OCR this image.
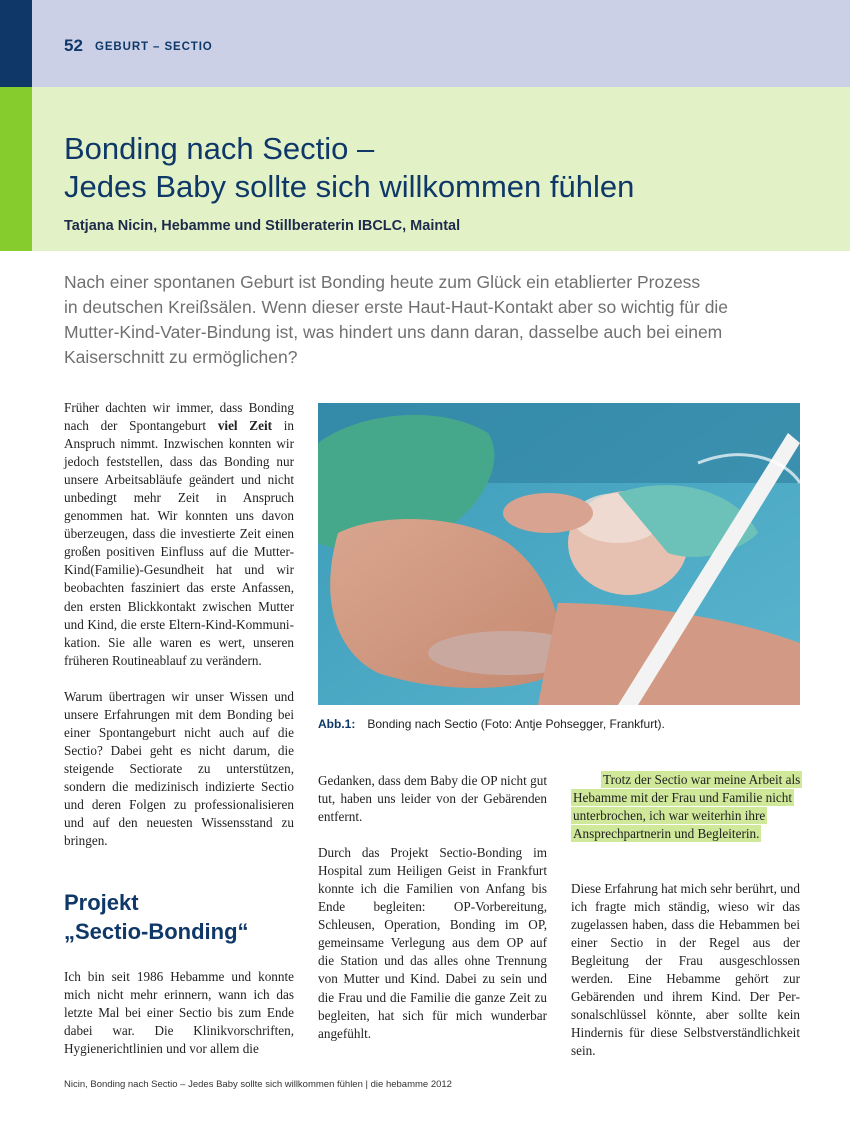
52 GEBURT – SECTIO
Bonding nach Sectio –
Jedes Baby sollte sich willkommen fühlen
Tatjana Nicin, Hebamme und Stillberaterin IBCLC, Maintal
Nach einer spontanen Geburt ist Bonding heute zum Glück ein etablierter Prozess
in deutschen Kreißsälen. Wenn dieser erste Haut-Haut-Kontakt aber so wichtig für die
Mutter-Kind-Vater-Bindung ist, was hindert uns dann daran, dasselbe auch bei einem
Kaiserschnitt zu ermöglichen?

Früher dachten wir immer, dass Bonding nach der Spontangeburt viel Zeit in Anspruch nimmt. Inzwischen konnten wir jedoch feststellen, dass das Bonding nur unsere Arbeitsabläufe geändert und nicht unbedingt mehr Zeit in Anspruch genommen hat. Wir konnten uns davon überzeugen, dass die investierte Zeit einen großen positiven Einfluss auf die Mutter-Kind(Familie)-Gesundheit hat und wir beobachten fasziniert das erste Anfassen, den ersten Blickkontakt zwischen Mutter und Kind, die erste Eltern-Kind-Kommunikation. Sie alle waren es wert, unseren früheren Routineablauf zu verändern.

Warum übertragen wir unser Wissen und unsere Erfahrungen mit dem Bonding bei einer Spontangeburt nicht auch auf die Sectio? Dabei geht es nicht darum, die steigende Sectiorate zu unterstützen, sondern die medizinisch indizierte Sectio und deren Folgen zu professionalisieren und auf den neuesten Wissensstand zu bringen.

Projekt
„Sectio-Bonding“

Ich bin seit 1986 Hebamme und konnte mich nicht mehr erinnern, wann ich das letzte Mal bei einer Sectio bis zum Ende dabei war. Die Klinikvorschriften, Hygienerichtlinien und vor allem die

Abb.1: Bonding nach Sectio (Foto: Antje Pohsegger, Frankfurt).

Gedanken, dass dem Baby die OP nicht gut tut, haben uns leider von der Gebärenden entfernt.

Durch das Projekt Sectio-Bonding im Hospital zum Heiligen Geist in Frankfurt konnte ich die Familien von Anfang bis Ende begleiten: OP-Vorbereitung, Schleusen, Operation, Bonding im OP, gemeinsame Verlegung aus dem OP auf die Station und das alles ohne Trennung von Mutter und Kind. Dabei zu sein und die Frau und die Familie die ganze Zeit zu begleiten, hat sich für mich wunderbar angefühlt.

Trotz der Sectio war meine Arbeit als Hebamme mit der Frau und Familie nicht unterbrochen, ich war weiterhin ihre Ansprechpartnerin und Begleiterin.

Diese Erfahrung hat mich sehr berührt, und ich fragte mich ständig, wieso wir das zugelassen haben, dass die Hebammen bei einer Sectio in der Regel aus der Begleitung der Frau ausgeschlossen werden. Eine Hebamme gehört zur Gebärenden und ihrem Kind. Der Personalschlüssel könnte, aber sollte kein Hindernis für diese Selbstverständlichkeit sein.

Nicin, Bonding nach Sectio – Jedes Baby sollte sich willkommen fühlen | die hebamme 2012
